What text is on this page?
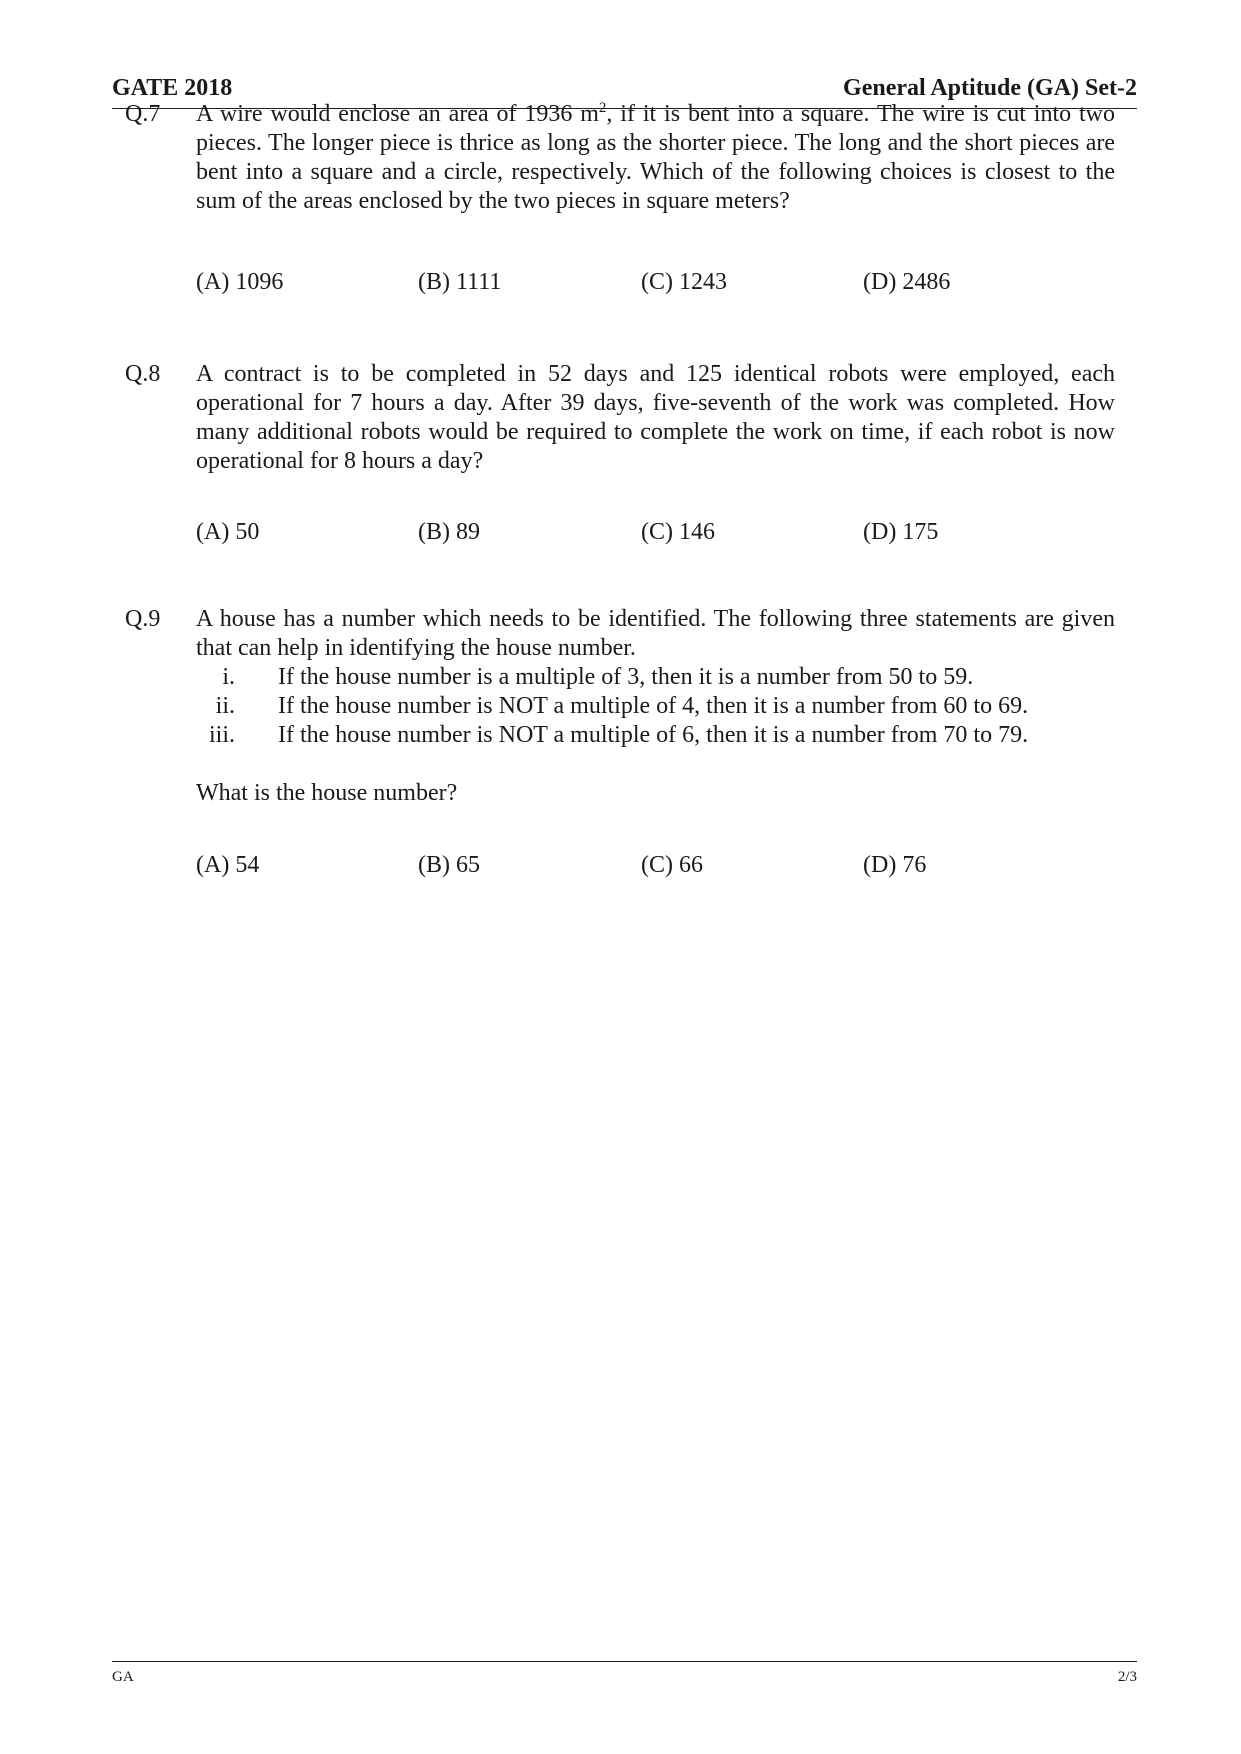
GATE 2018	General Aptitude (GA) Set-2
Q.7 A wire would enclose an area of 1936 $m^2$, if it is bent into a square. The wire is cut into two pieces. The longer piece is thrice as long as the shorter piece. The long and the short pieces are bent into a square and a circle, respectively. Which of the following choices is closest to the sum of the areas enclosed by the two pieces in square meters?

(A) 1096	(B) 1111	(C) 1243	(D) 2486
Q.8 A contract is to be completed in 52 days and 125 identical robots were employed, each operational for 7 hours a day. After 39 days, five-seventh of the work was completed. How many additional robots would be required to complete the work on time, if each robot is now operational for 8 hours a day?

(A) 50	(B) 89	(C) 146	(D) 175
Q.9 A house has a number which needs to be identified. The following three statements are given that can help in identifying the house number.

i. If the house number is a multiple of 3, then it is a number from 50 to 59.
ii. If the house number is NOT a multiple of 4, then it is a number from 60 to 69.
iii. If the house number is NOT a multiple of 6, then it is a number from 70 to 79.
What is the house number?
(A) 54	(B) 65	(C) 66	(D) 76
GA	2/3
